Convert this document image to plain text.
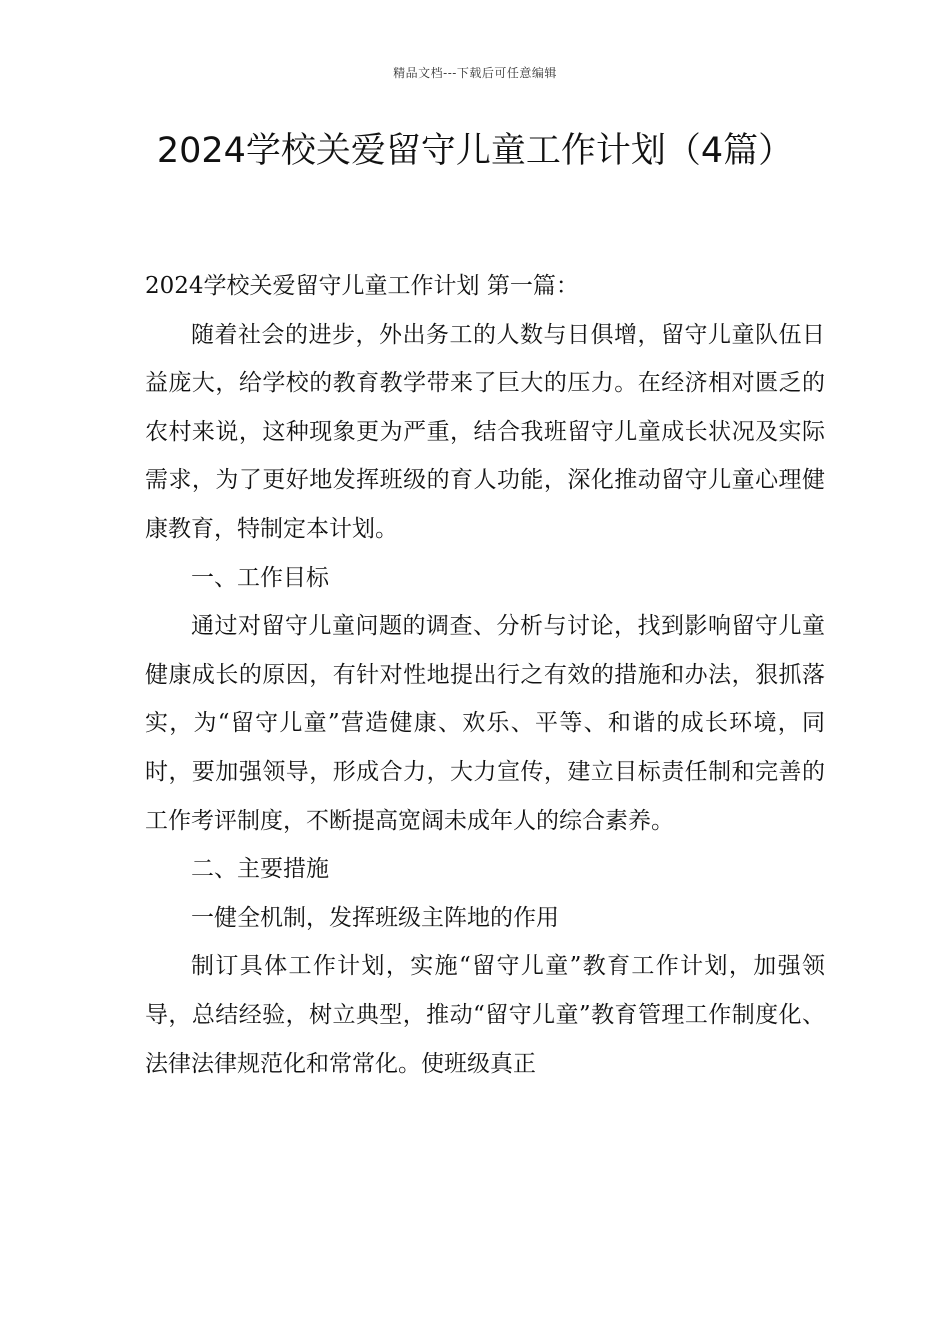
精品文档---下载后可任意编辑
2024学校关爱留守儿童工作计划（4篇）

2024学校关爱留守儿童工作计划 第一篇：

随着社会的进步，外出务工的人数与日俱增，留守儿童队伍日益庞大，给学校的教育教学带来了巨大的压力。在经济相对匮乏的农村来说，这种现象更为严重，结合我班留守儿童成长状况及实际需求，为了更好地发挥班级的育人功能，深化推动留守儿童心理健康教育，特制定本计划。

一、工作目标

通过对留守儿童问题的调查、分析与讨论，找到影响留守儿童健康成长的原因，有针对性地提出行之有效的措施和办法，狠抓落实，为“留守儿童”营造健康、欢乐、平等、和谐的成长环境，同时，要加强领导，形成合力，大力宣传，建立目标责任制和完善的工作考评制度，不断提高宽阔未成年人的综合素养。

二、主要措施

一健全机制，发挥班级主阵地的作用

制订具体工作计划，实施“留守儿童”教育工作计划，加强领导，总结经验，树立典型，推动“留守儿童”教育管理工作制度化、法律法律规范化和常常化。使班级真正
